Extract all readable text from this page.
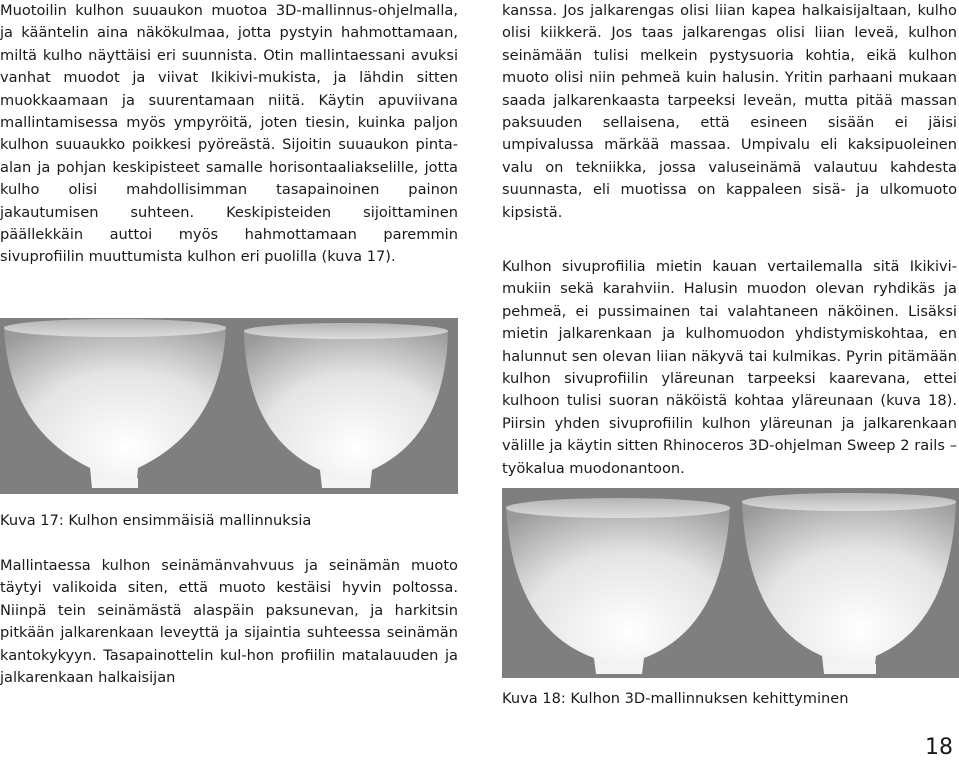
Muotoilin kulhon suuaukon muotoa 3D-mallinnus-ohjelmalla, ja kääntelin aina näkökulmaa, jotta pystyin hahmottamaan, miltä kulho näyttäisi eri suunnista. Otin mallintaessani avuksi vanhat muodot ja viivat Ikikivi-mukista, ja lähdin sitten muokkaamaan ja suurentamaan niitä. Käytin apuviivana mallintamisessa myös ympyröitä, joten tiesin, kuinka paljon kulhon suuaukko poikkesi pyöreästä. Sijoitin suuaukon pinta-alan ja pohjan keskipisteet samalle horisontaaliakselille, jotta kulho olisi mahdollisimman tasapainoinen painon jakautumisen suhteen. Keskipisteiden sijoittaminen päällekkäin auttoi myös hahmottamaan paremmin sivuprofiilin muuttumista kulhon eri puolilla (kuva 17).

Kuva 17: Kulhon ensimmäisiä mallinnuksia

Mallintaessa kulhon seinämänvahvuus ja seinämän muoto täytyi valikoida siten, että muoto kestäisi hyvin poltossa. Niinpä tein seinämästä alaspäin paksunevan, ja harkitsin pitkään jalkarenkaan leveyttä ja sijaintia suhteessa seinämän kantokykyyn. Tasapainottelin kul-hon profiilin matalauuden ja jalkarenkaan halkaisijan

kanssa. Jos jalkarengas olisi liian kapea halkaisijaltaan, kulho olisi kiikkerä. Jos taas jalkarengas olisi liian leveä, kulhon seinämään tulisi melkein pystysuoria kohtia, eikä kulhon muoto olisi niin pehmeä kuin halusin. Yritin parhaani mukaan saada jalkarenkaasta tarpeeksi leveän, mutta pitää massan paksuuden sellaisena, että esineen sisään ei jäisi umpivalussa märkää massaa. Umpivalu eli kaksipuoleinen valu on tekniikka, jossa valuseinämä valautuu kahdesta suunnasta, eli muotissa on kappaleen sisä- ja ulkomuoto kipsistä.

Kulhon sivuprofiilia mietin kauan vertailemalla sitä Ikikivi-mukiin sekä karahviin. Halusin muodon olevan ryhdikäs ja pehmeä, ei pussimainen tai valahtaneen näköinen. Lisäksi mietin jalkarenkaan ja kulhomuodon yhdistymiskohtaa, en halunnut sen olevan liian näkyvä tai kulmikas. Pyrin pitämään kulhon sivuprofiilin yläreunan tarpeeksi kaarevana, ettei kulhoon tulisi suoran näköistä kohtaa yläreunaan (kuva 18). Piirsin yhden sivuprofiilin kulhon yläreunan ja jalkarenkaan välille ja käytin sitten Rhinoceros 3D-ohjelman Sweep 2 rails – työkalua muodonantoon.

Kuva 18: Kulhon 3D-mallinnuksen kehittyminen

18
